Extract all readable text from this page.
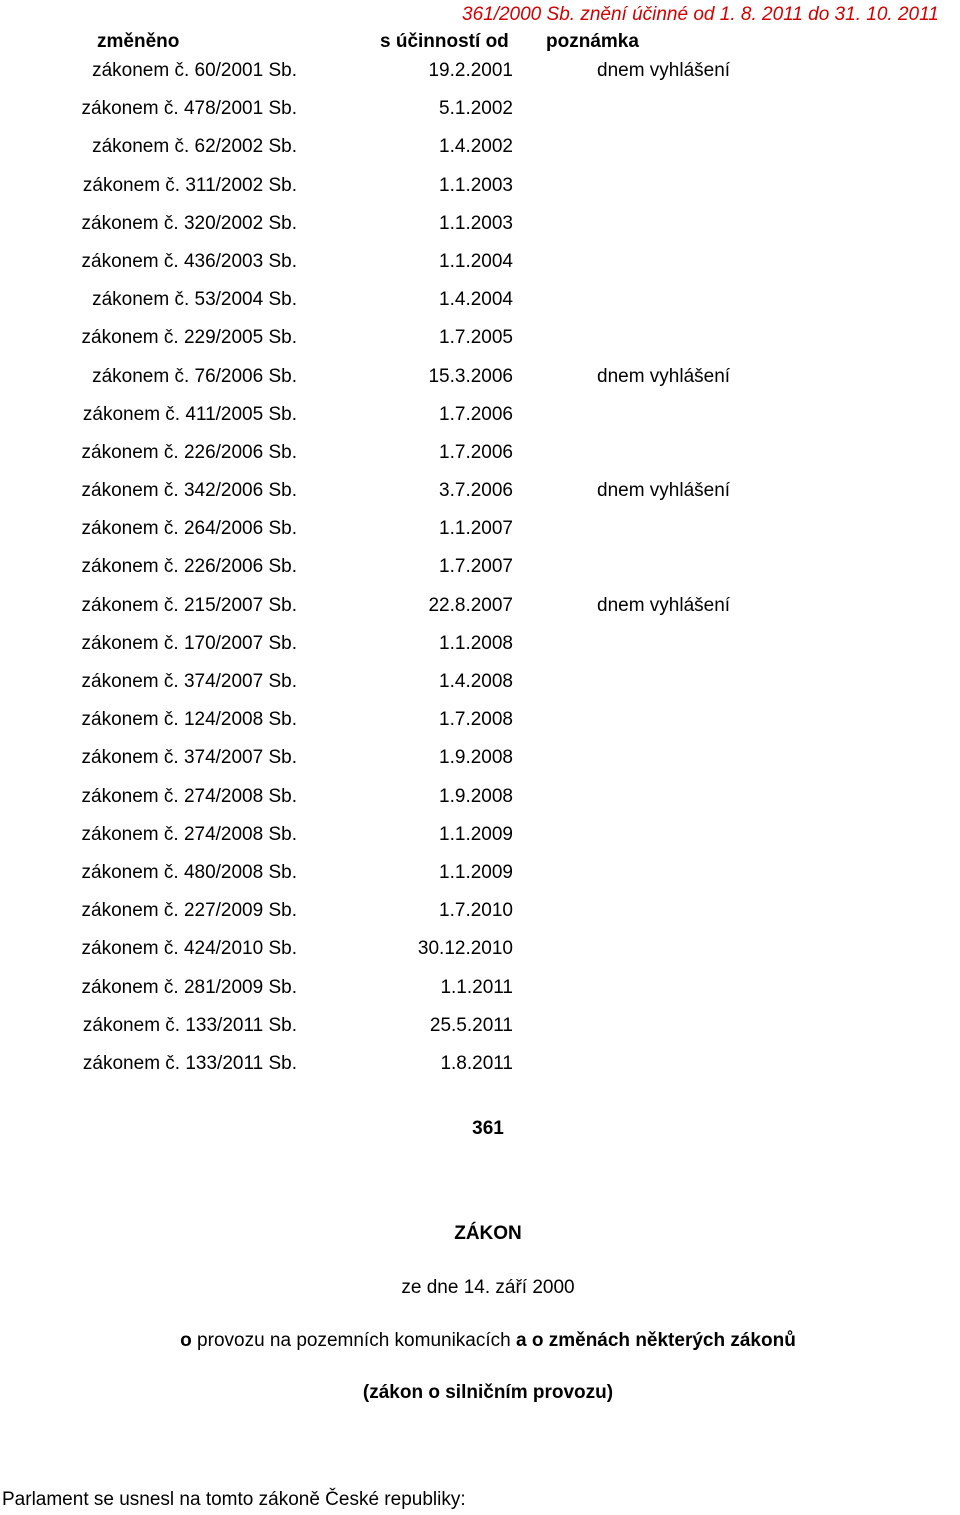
361/2000 Sb. znění účinné od 1. 8. 2011 do 31. 10. 2011
změněno	s účinností od poznámka
zákonem č. 60/2001 Sb.	19.2.2001	dnem vyhlášení
zákonem č. 478/2001 Sb.	5.1.2002
zákonem č. 62/2002 Sb.	1.4.2002
zákonem č. 311/2002 Sb.	1.1.2003
zákonem č. 320/2002 Sb.	1.1.2003
zákonem č. 436/2003 Sb.	1.1.2004
zákonem č. 53/2004 Sb.	1.4.2004
zákonem č. 229/2005 Sb.	1.7.2005
zákonem č. 76/2006 Sb.	15.3.2006	dnem vyhlášení
zákonem č. 411/2005 Sb.	1.7.2006
zákonem č. 226/2006 Sb.	1.7.2006
zákonem č. 342/2006 Sb.	3.7.2006	dnem vyhlášení
zákonem č. 264/2006 Sb.	1.1.2007
zákonem č. 226/2006 Sb.	1.7.2007
zákonem č. 215/2007 Sb.	22.8.2007	dnem vyhlášení
zákonem č. 170/2007 Sb.	1.1.2008
zákonem č. 374/2007 Sb.	1.4.2008
zákonem č. 124/2008 Sb.	1.7.2008
zákonem č. 374/2007 Sb.	1.9.2008
zákonem č. 274/2008 Sb.	1.9.2008
zákonem č. 274/2008 Sb.	1.1.2009
zákonem č. 480/2008 Sb.	1.1.2009
zákonem č. 227/2009 Sb.	1.7.2010
zákonem č. 424/2010 Sb.	30.12.2010
zákonem č. 281/2009 Sb.	1.1.2011
zákonem č. 133/2011 Sb.	25.5.2011
zákonem č. 133/2011 Sb.	1.8.2011
361
ZÁKON
ze dne 14. září 2000
o provozu na pozemních komunikacích a o změnách některých zákonů
(zákon o silničním provozu)
Parlament se usnesl na tomto zákoně České republiky:
